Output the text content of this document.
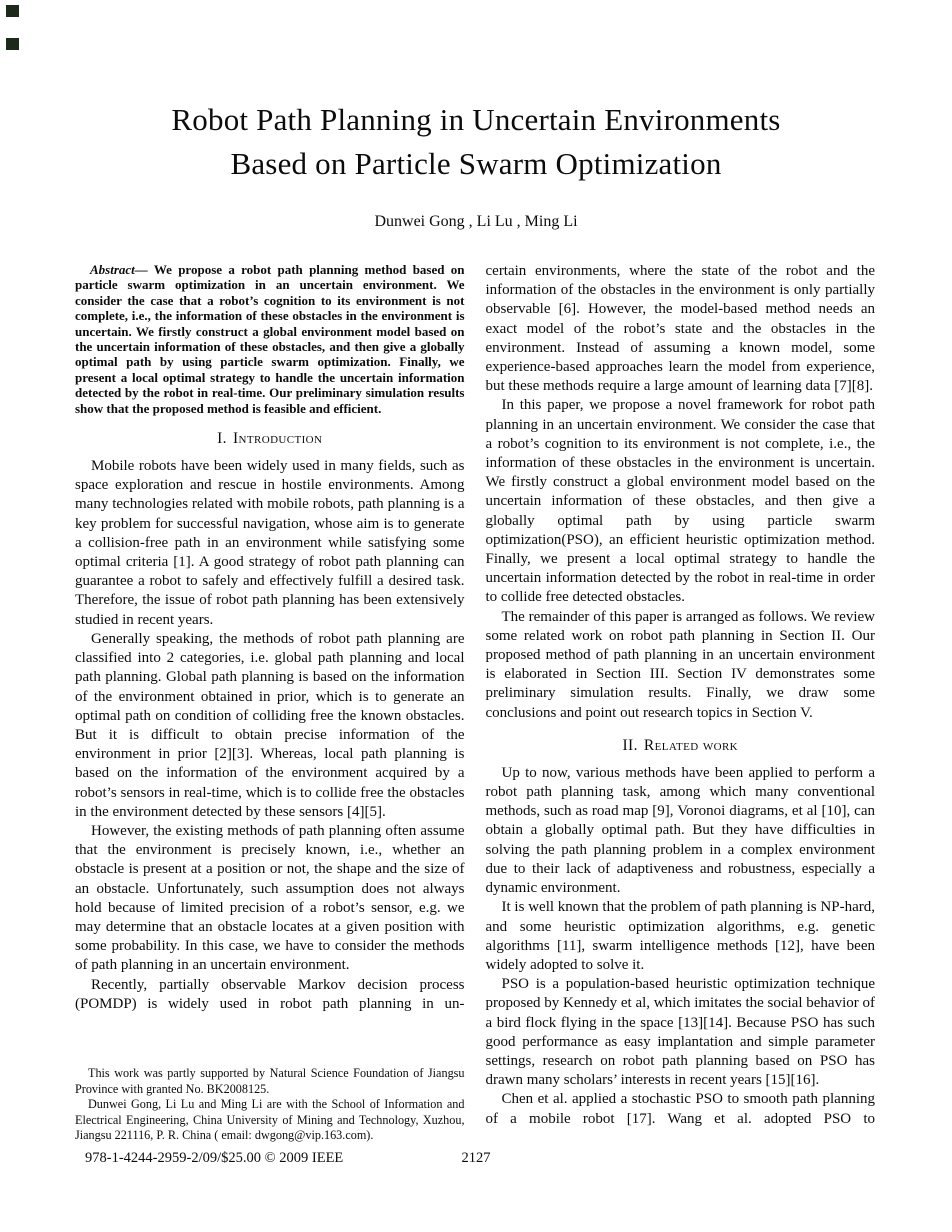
Robot Path Planning in Uncertain Environments
Based on Particle Swarm Optimization
Dunwei Gong , Li Lu , Ming Li

Abstract— We propose a robot path planning method based on particle swarm optimization in an uncertain environment. We consider the case that a robot’s cognition to its environment is not complete, i.e., the information of these obstacles in the environment is uncertain. We firstly construct a global environment model based on the uncertain information of these obstacles, and then give a globally optimal path by using particle swarm optimization. Finally, we present a local optimal strategy to handle the uncertain information detected by the robot in real-time. Our preliminary simulation results show that the proposed method is feasible and efficient.

I. Introduction

Mobile robots have been widely used in many fields, such as space exploration and rescue in hostile environments. Among many technologies related with mobile robots, path planning is a key problem for successful navigation, whose aim is to generate a collision-free path in an environment while satisfying some optimal criteria [1]. A good strategy of robot path planning can guarantee a robot to safely and effectively fulfill a desired task. Therefore, the issue of robot path planning has been extensively studied in recent years.

Generally speaking, the methods of robot path planning are classified into 2 categories, i.e. global path planning and local path planning. Global path planning is based on the information of the environment obtained in prior, which is to generate an optimal path on condition of colliding free the known obstacles. But it is difficult to obtain precise information of the environment in prior [2][3]. Whereas, local path planning is based on the information of the environment acquired by a robot’s sensors in real-time, which is to collide free the obstacles in the environment detected by these sensors [4][5].

However, the existing methods of path planning often assume that the environment is precisely known, i.e., whether an obstacle is present at a position or not, the shape and the size of an obstacle. Unfortunately, such assumption does not always hold because of limited precision of a robot’s sensor, e.g. we may determine that an obstacle locates at a given position with some probability. In this case, we have to consider the methods of path planning in an uncertain environment.

Recently, partially observable Markov decision process (POMDP) is widely used in robot path planning in un-

This work was partly supported by Natural Science Foundation of Jiangsu Province with granted No. BK2008125.

Dunwei Gong, Li Lu and Ming Li are with the School of Information and Electrical Engineering, China University of Mining and Technology, Xuzhou, Jiangsu 221116, P. R. China ( email: dwgong@vip.163.com).

certain environments, where the state of the robot and the information of the obstacles in the environment is only partially observable [6]. However, the model-based method needs an exact model of the robot’s state and the obstacles in the environment. Instead of assuming a known model, some experience-based approaches learn the model from experience, but these methods require a large amount of learning data [7][8].

In this paper, we propose a novel framework for robot path planning in an uncertain environment. We consider the case that a robot’s cognition to its environment is not complete, i.e., the information of these obstacles in the environment is uncertain. We firstly construct a global environment model based on the uncertain information of these obstacles, and then give a globally optimal path by using particle swarm optimization(PSO), an efficient heuristic optimization method. Finally, we present a local optimal strategy to handle the uncertain information detected by the robot in real-time in order to collide free detected obstacles.

The remainder of this paper is arranged as follows. We review some related work on robot path planning in Section II. Our proposed method of path planning in an uncertain environment is elaborated in Section III. Section IV demonstrates some preliminary simulation results. Finally, we draw some conclusions and point out research topics in Section V.

II. Related work

Up to now, various methods have been applied to perform a robot path planning task, among which many conventional methods, such as road map [9], Voronoi diagrams, et al [10], can obtain a globally optimal path. But they have difficulties in solving the path planning problem in a complex environment due to their lack of adaptiveness and robustness, especially a dynamic environment.

It is well known that the problem of path planning is NP-hard, and some heuristic optimization algorithms, e.g. genetic algorithms [11], swarm intelligence methods [12], have been widely adopted to solve it.

PSO is a population-based heuristic optimization technique proposed by Kennedy et al, which imitates the social behavior of a bird flock flying in the space [13][14]. Because PSO has such good performance as easy implantation and simple parameter settings, research on robot path planning based on PSO has drawn many scholars’ interests in recent years [15][16].

Chen et al. applied a stochastic PSO to smooth path planning of a mobile robot [17]. Wang et al. adopted PSO to

978-1-4244-2959-2/09/$25.00 © 2009 IEEE	2127
